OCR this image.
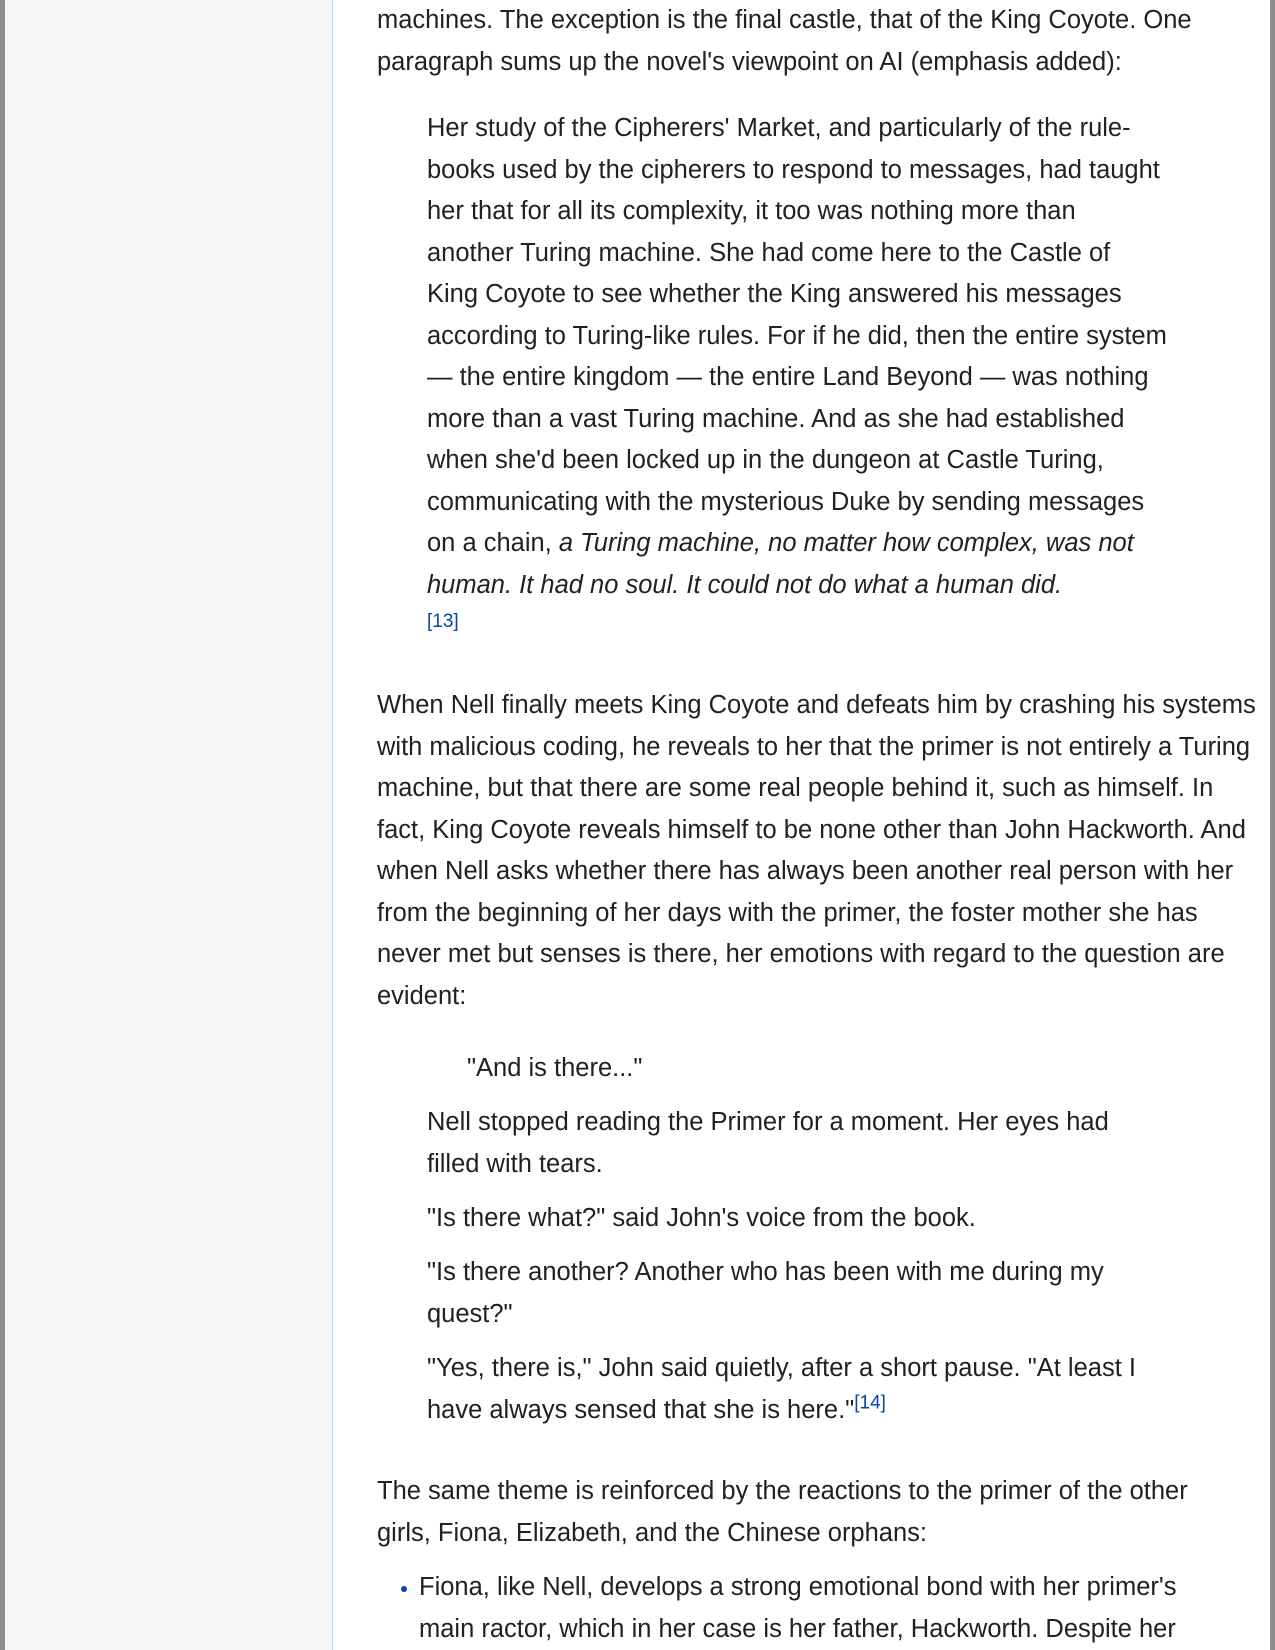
machines. The exception is the final castle, that of the King Coyote. One paragraph sums up the novel's viewpoint on AI (emphasis added):

Her study of the Cipherers' Market, and particularly of the rule-books used by the cipherers to respond to messages, had taught her that for all its complexity, it too was nothing more than another Turing machine. She had come here to the Castle of King Coyote to see whether the King answered his messages according to Turing-like rules. For if he did, then the entire system — the entire kingdom — the entire Land Beyond — was nothing more than a vast Turing machine. And as she had established when she'd been locked up in the dungeon at Castle Turing, communicating with the mysterious Duke by sending messages on a chain, a Turing machine, no matter how complex, was not human. It had no soul. It could not do what a human did.
[13]

When Nell finally meets King Coyote and defeats him by crashing his systems with malicious coding, he reveals to her that the primer is not entirely a Turing machine, but that there are some real people behind it, such as himself. In fact, King Coyote reveals himself to be none other than John Hackworth. And when Nell asks whether there has always been another real person with her from the beginning of her days with the primer, the foster mother she has never met but senses is there, her emotions with regard to the question are evident:

"And is there..."

Nell stopped reading the Primer for a moment. Her eyes had filled with tears.

"Is there what?" said John's voice from the book.

"Is there another? Another who has been with me during my quest?"

"Yes, there is," John said quietly, after a short pause. "At least I have always sensed that she is here."[14]

The same theme is reinforced by the reactions to the primer of the other girls, Fiona, Elizabeth, and the Chinese orphans:

Fiona, like Nell, develops a strong emotional bond with her primer's main ractor, which in her case is her father, Hackworth. Despite her
